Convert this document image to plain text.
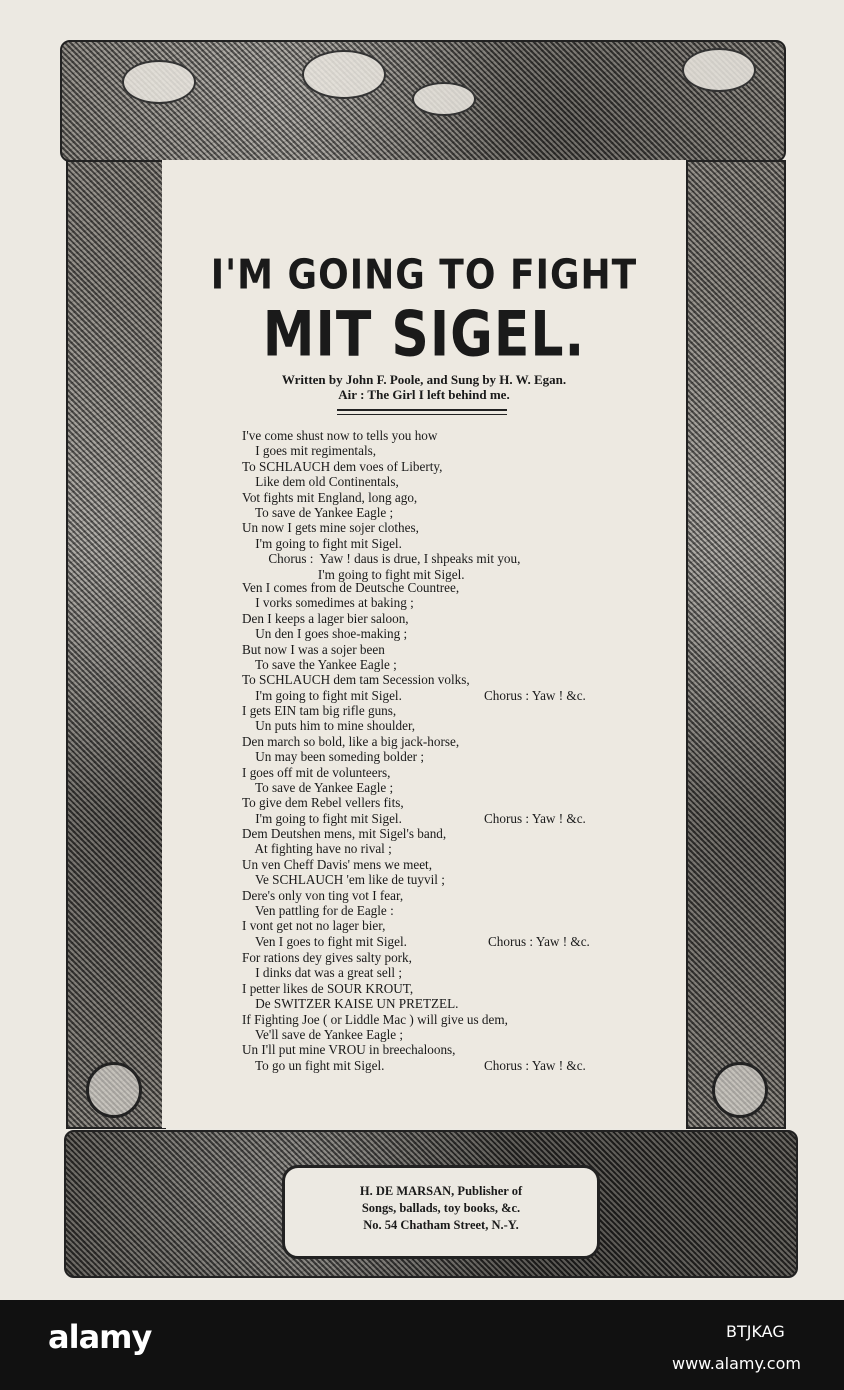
I'M GOING TO FIGHT
MIT SIGEL.
Written by John F. Poole, and Sung by H. W. Egan.
Air : The Girl I left behind me.
I've come shust now to tells you how
I goes mit regimentals,
To SCHLAUCH dem voes of Liberty,
Like dem old Continentals,
Vot fights mit England, long ago,
To save de Yankee Eagle ;
Un now I gets mine sojer clothes,
I'm going to fight mit Sigel.
Chorus :  Yaw ! daus is drue, I shpeaks mit you,
I'm going to fight mit Sigel.
Ven I comes from de Deutsche Countree,
I vorks somedimes at baking ;
Den I keeps a lager bier saloon,
Un den I goes shoe-making ;
But now I was a sojer been
To save the Yankee Eagle ;
To SCHLAUCH dem tam Secession volks,
I'm going to fight mit Sigel.	Chorus : Yaw ! &c.
I gets EIN tam big rifle guns,
Un puts him to mine shoulder,
Den march so bold, like a big jack-horse,
Un may been someding bolder ;
I goes off mit de volunteers,
To save de Yankee Eagle ;
To give dem Rebel vellers fits,
I'm going to fight mit Sigel.	Chorus : Yaw ! &c.
Dem Deutshen mens, mit Sigel's band,
At fighting have no rival ;
Un ven Cheff Davis' mens we meet,
Ve SCHLAUCH 'em like de tuyvil ;
Dere's only von ting vot I fear,
Ven pattling for de Eagle :
I vont get not no lager bier,
Ven I goes to fight mit Sigel.	Chorus : Yaw ! &c.
For rations dey gives salty pork,
I dinks dat was a great sell ;
I petter likes de SOUR KROUT,
De SWITZER KAISE UN PRETZEL.
If Fighting Joe ( or Liddle Mac ) will give us dem,
Ve'll save de Yankee Eagle ;
Un I'll put mine VROU in breechaloons,
To go un fight mit Sigel.	Chorus : Yaw ! &c.
H. DE MARSAN, Publisher of
Songs, ballads, toy books, &c.
No. 54 Chatham Street, N.-Y.
alamy	BTJKAG
www.alamy.com
